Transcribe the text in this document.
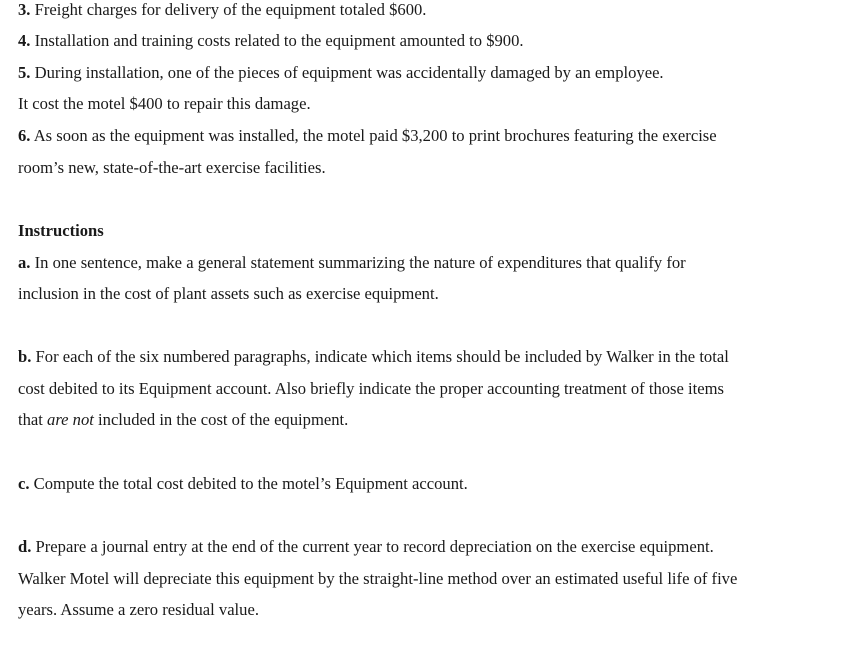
3. Freight charges for delivery of the equipment totaled $600.
4. Installation and training costs related to the equipment amounted to $900.
5. During installation, one of the pieces of equipment was accidentally damaged by an employee.
It cost the motel $400 to repair this damage.
6. As soon as the equipment was installed, the motel paid $3,200 to print brochures featuring the exercise
room’s new, state-of-the-art exercise facilities.
Instructions
a. In one sentence, make a general statement summarizing the nature of expenditures that qualify for
inclusion in the cost of plant assets such as exercise equipment.
b. For each of the six numbered paragraphs, indicate which items should be included by Walker in the total
cost debited to its Equipment account. Also briefly indicate the proper accounting treatment of those items
that are not included in the cost of the equipment.
c. Compute the total cost debited to the motel’s Equipment account.
d. Prepare a journal entry at the end of the current year to record depreciation on the exercise equipment.
Walker Motel will depreciate this equipment by the straight-line method over an estimated useful life of five
years. Assume a zero residual value.
